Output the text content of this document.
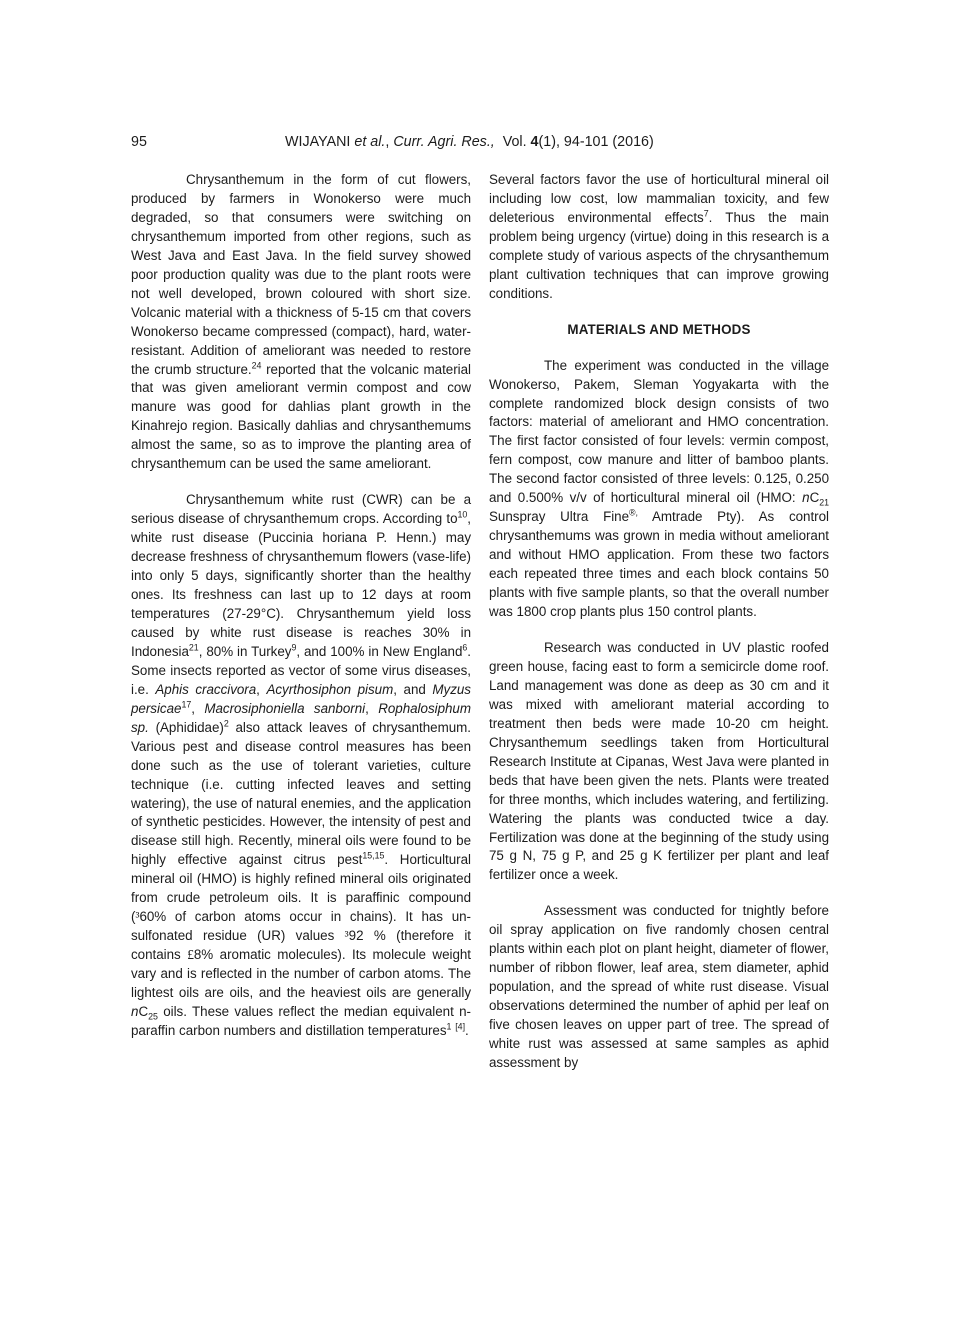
95	WIJAYANI et al., Curr. Agri. Res., Vol. 4(1), 94-101 (2016)

Chrysanthemum in the form of cut flowers, produced by farmers in Wonokerso were much degraded, so that consumers were switching on chrysanthemum imported from other regions, such as West Java and East Java. In the field survey showed poor production quality was due to the plant roots were not well developed, brown coloured with short size. Volcanic material with a thickness of 5-15 cm that covers Wonokerso became compressed (compact), hard, water-resistant. Addition of ameliorant was needed to restore the crumb structure.$^{24}$ reported that the volcanic material that was given ameliorant vermin compost and cow manure was good for dahlias plant growth in the Kinahrejo region. Basically dahlias and chrysanthemums almost the same, so as to improve the planting area of chrysanthemum can be used the same ameliorant.

Chrysanthemum white rust (CWR) can be a serious disease of chrysanthemum crops. According $to^{10}$, white rust disease (Puccinia horiana P. Henn.) may decrease freshness of chrysanthemum flowers (vase-life) into only 5 days, significantly shorter than the healthy ones. Its freshness can last up to 12 days at room temperatures (27-29°C). Chrysanthemum yield loss caused by white rust disease is reaches 30% in Indonesia$^{21}$, 80% in Turkey$^9$, and 100% in New England$^6$. Some insects reported as vector of some virus diseases, i.e. Aphis craccivora, Acyrthosiphon pisum, and Myzus persicae$^{17}$, Macrosiphoniella sanborni, Rophalosiphum sp. (Aphididae)$^2$ also attack leaves of chrysanthemum. Various pest and disease control measures has been done such as the use of tolerant varieties, culture technique (i.e. cutting infected leaves and setting watering), the use of natural enemies, and the application of synthetic pesticides. However, the intensity of pest and disease still high. Recently, mineral oils were found to be highly effective against citrus pest$^{15,15}$. Horticultural mineral oil (HMO) is highly refined mineral oils originated from crude petroleum oils. It is paraffinic compound (³60% of carbon atoms occur in chains). It has un-sulfonated residue (UR) values ³92 % (therefore it contains £8% aromatic molecules). Its molecule weight vary and is reflected in the number of carbon atoms. The lightest oils are oils, and the heaviest oils are generally $nC_{25}$ oils. These values reflect the median equivalent n-paraffin carbon numbers and distillation temperatures$^1$ [4].

Several factors favor the use of horticultural mineral oil including low cost, low mammalian toxicity, and few deleterious environmental effects$^7$. Thus the main problem being urgency (virtue) doing in this research is a complete study of various aspects of the chrysanthemum plant cultivation techniques that can improve growing conditions.

MATERIALS AND METHODS

The experiment was conducted in the village Wonokerso, Pakem, Sleman Yogyakarta with the complete randomized block design consists of two factors: material of ameliorant and HMO concentration. The first factor consisted of four levels: vermin compost, fern compost, cow manure and litter of bamboo plants. The second factor consisted of three levels: 0.125, 0.250 and 0.500% v/v of horticultural mineral oil (HMO: $nC_{21}$ Sunspray Ultra Fine®, Amtrade Pty). As control chrysanthemums was grown in media without ameliorant and without HMO application. From these two factors each repeated three times and each block contains 50 plants with five sample plants, so that the overall number was 1800 crop plants plus 150 control plants.

Research was conducted in UV plastic roofed green house, facing east to form a semicircle dome roof. Land management was done as deep as 30 cm and it was mixed with ameliorant material according to treatment then beds were made 10-20 cm height. Chrysanthemum seedlings taken from Horticultural Research Institute at Cipanas, West Java were planted in beds that have been given the nets. Plants were treated for three months, which includes watering, and fertilizing. Watering the plants was conducted twice a day. Fertilization was done at the beginning of the study using 75 g N, 75 g P, and 25 g K fertilizer per plant and leaf fertilizer once a week.

Assessment was conducted for tnightly before oil spray application on five randomly chosen central plants within each plot on plant height, diameter of flower, number of ribbon flower, leaf area, stem diameter, aphid population, and the spread of white rust disease. Visual observations determined the number of aphid per leaf on five chosen leaves on upper part of tree. The spread of white rust was assessed at same samples as aphid assessment by
